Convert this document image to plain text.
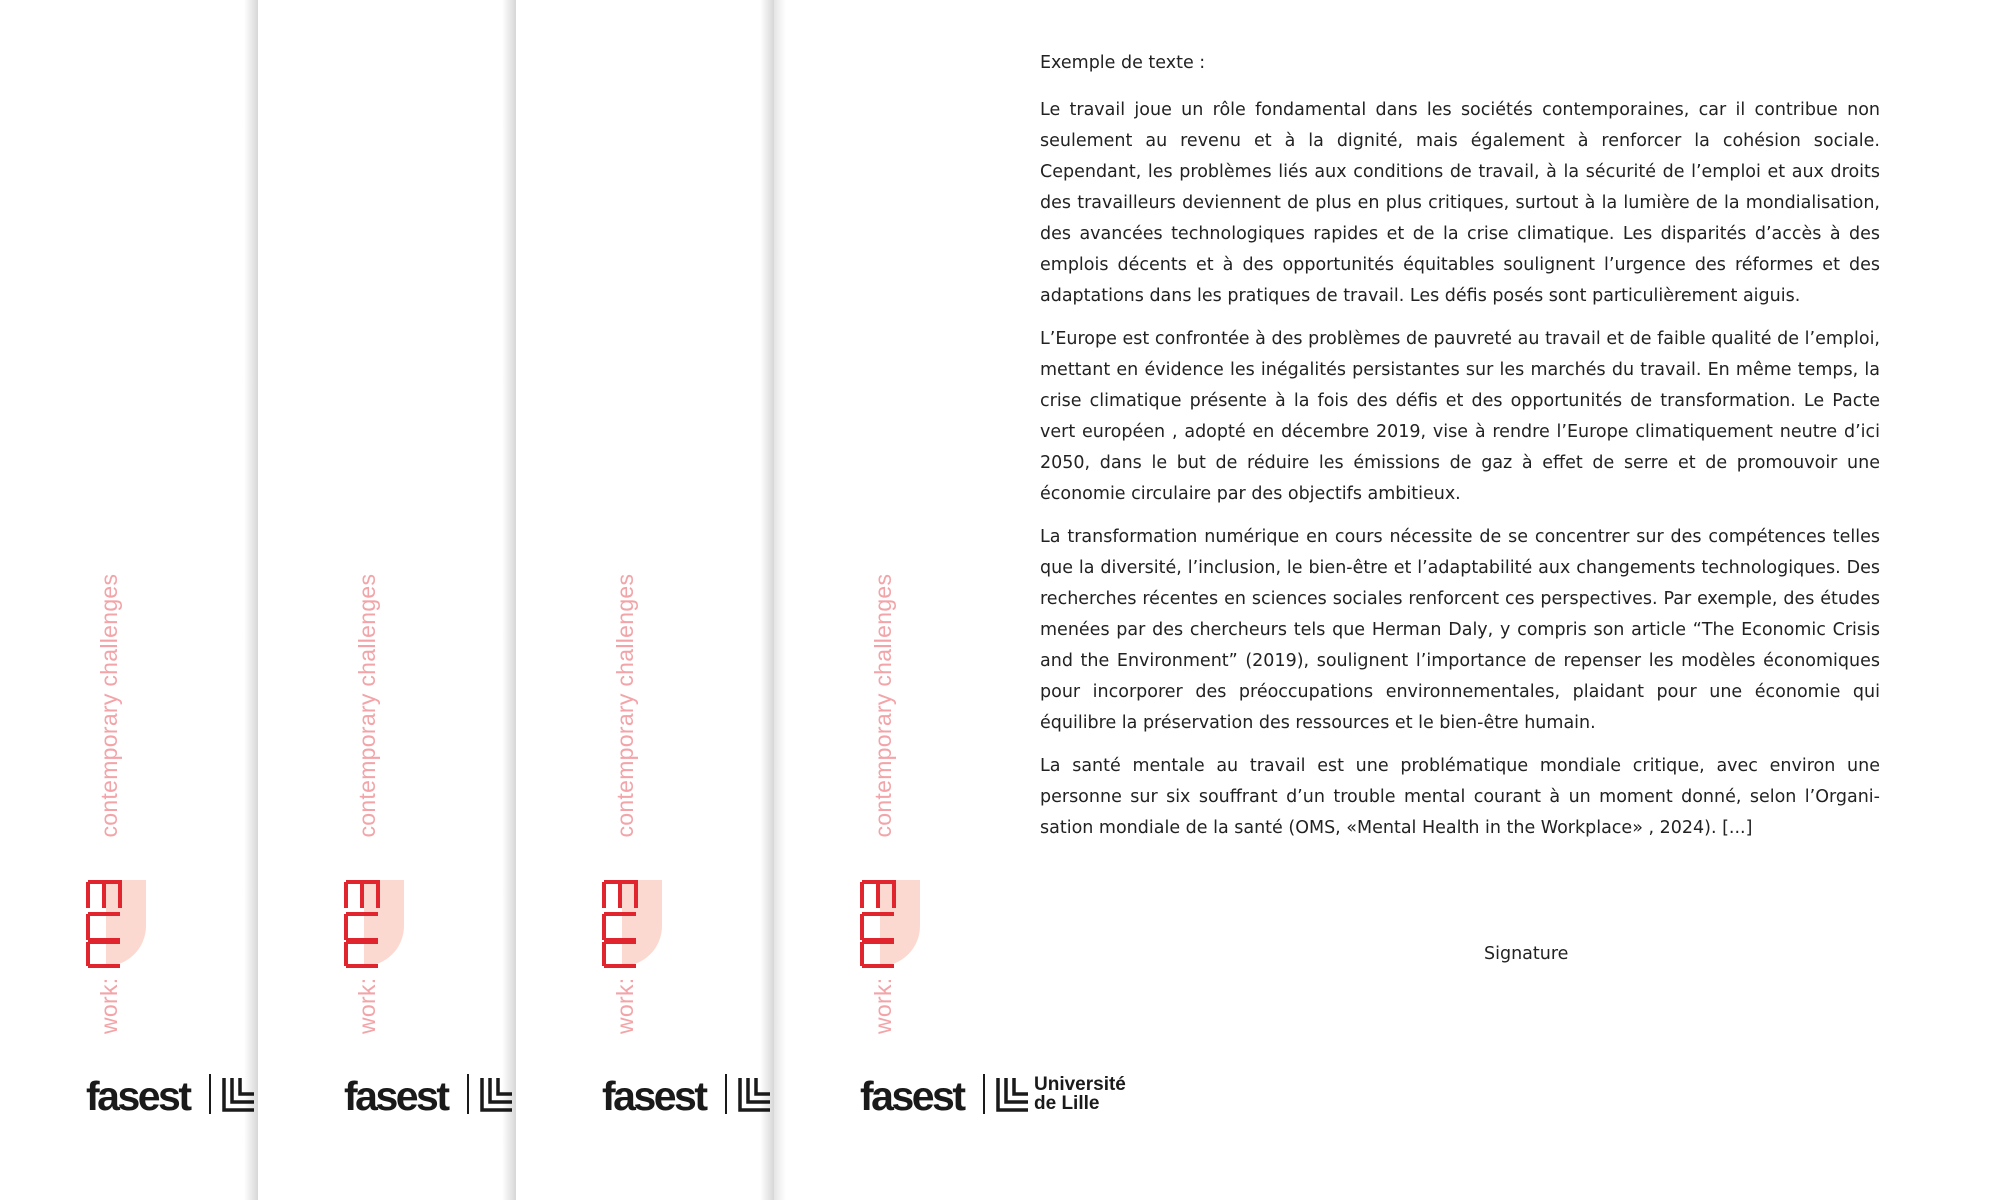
work:contemporary challenges
fasest
work:contemporary challenges
fasest
work:contemporary challenges
fasest
work:contemporary challenges
fasest	Université
de Lille
Exemple de texte :

Le travail joue un rôle fondamental dans les sociétés contemporaines, car il contribue non seulement au revenu et à la dignité, mais également à renforcer la cohésion sociale. Cependant, les problèmes liés aux conditions de travail, à la sécurité de l’emploi et aux droits des travailleurs deviennent de plus en plus critiques, surtout à la lumière de la mondialisation, des avancées technologiques rapides et de la crise climatique. Les disparités d’accès à des emplois décents et à des opportunités équitables soulignent l’urgence des réformes et des adaptations dans les pratiques de travail. Les défis posés sont particulièrement aiguis.

L’Europe est confrontée à des problèmes de pauvreté au travail et de faible qualité de l’emploi, mettant en évidence les inégalités persistantes sur les marchés du travail. En même temps, la crise climatique présente à la fois des défis et des opportunités de transformation. Le Pacte vert européen , adopté en décembre 2019, vise à rendre l’Europe climatiquement neutre d’ici 2050, dans le but de réduire les émissions de gaz à effet de serre et de promouvoir une économie circulaire par des objectifs ambitieux.

La transformation numérique en cours nécessite de se concentrer sur des compétences telles que la diversité, l’inclusion, le bien-être et l’adaptabilité aux changements technologiques. Des recherches récentes en sciences sociales renforcent ces perspectives. Par exemple, des études menées par des chercheurs tels que Herman Daly, y compris son article “The Economic Crisis and the Environment” (2019), soulignent l’importance de repenser les modèles économiques pour incorporer des préoccupations environnementales, plaidant pour une économie qui équilibre la préservation des ressources et le bien-être humain.

La santé mentale au travail est une problématique mondiale critique, avec environ une personne sur six souffrant d’un trouble mental courant à un moment donné, selon l’Organisation mondiale de la santé (OMS, «Mental Health in the Workplace» , 2024). [...]

Signature
